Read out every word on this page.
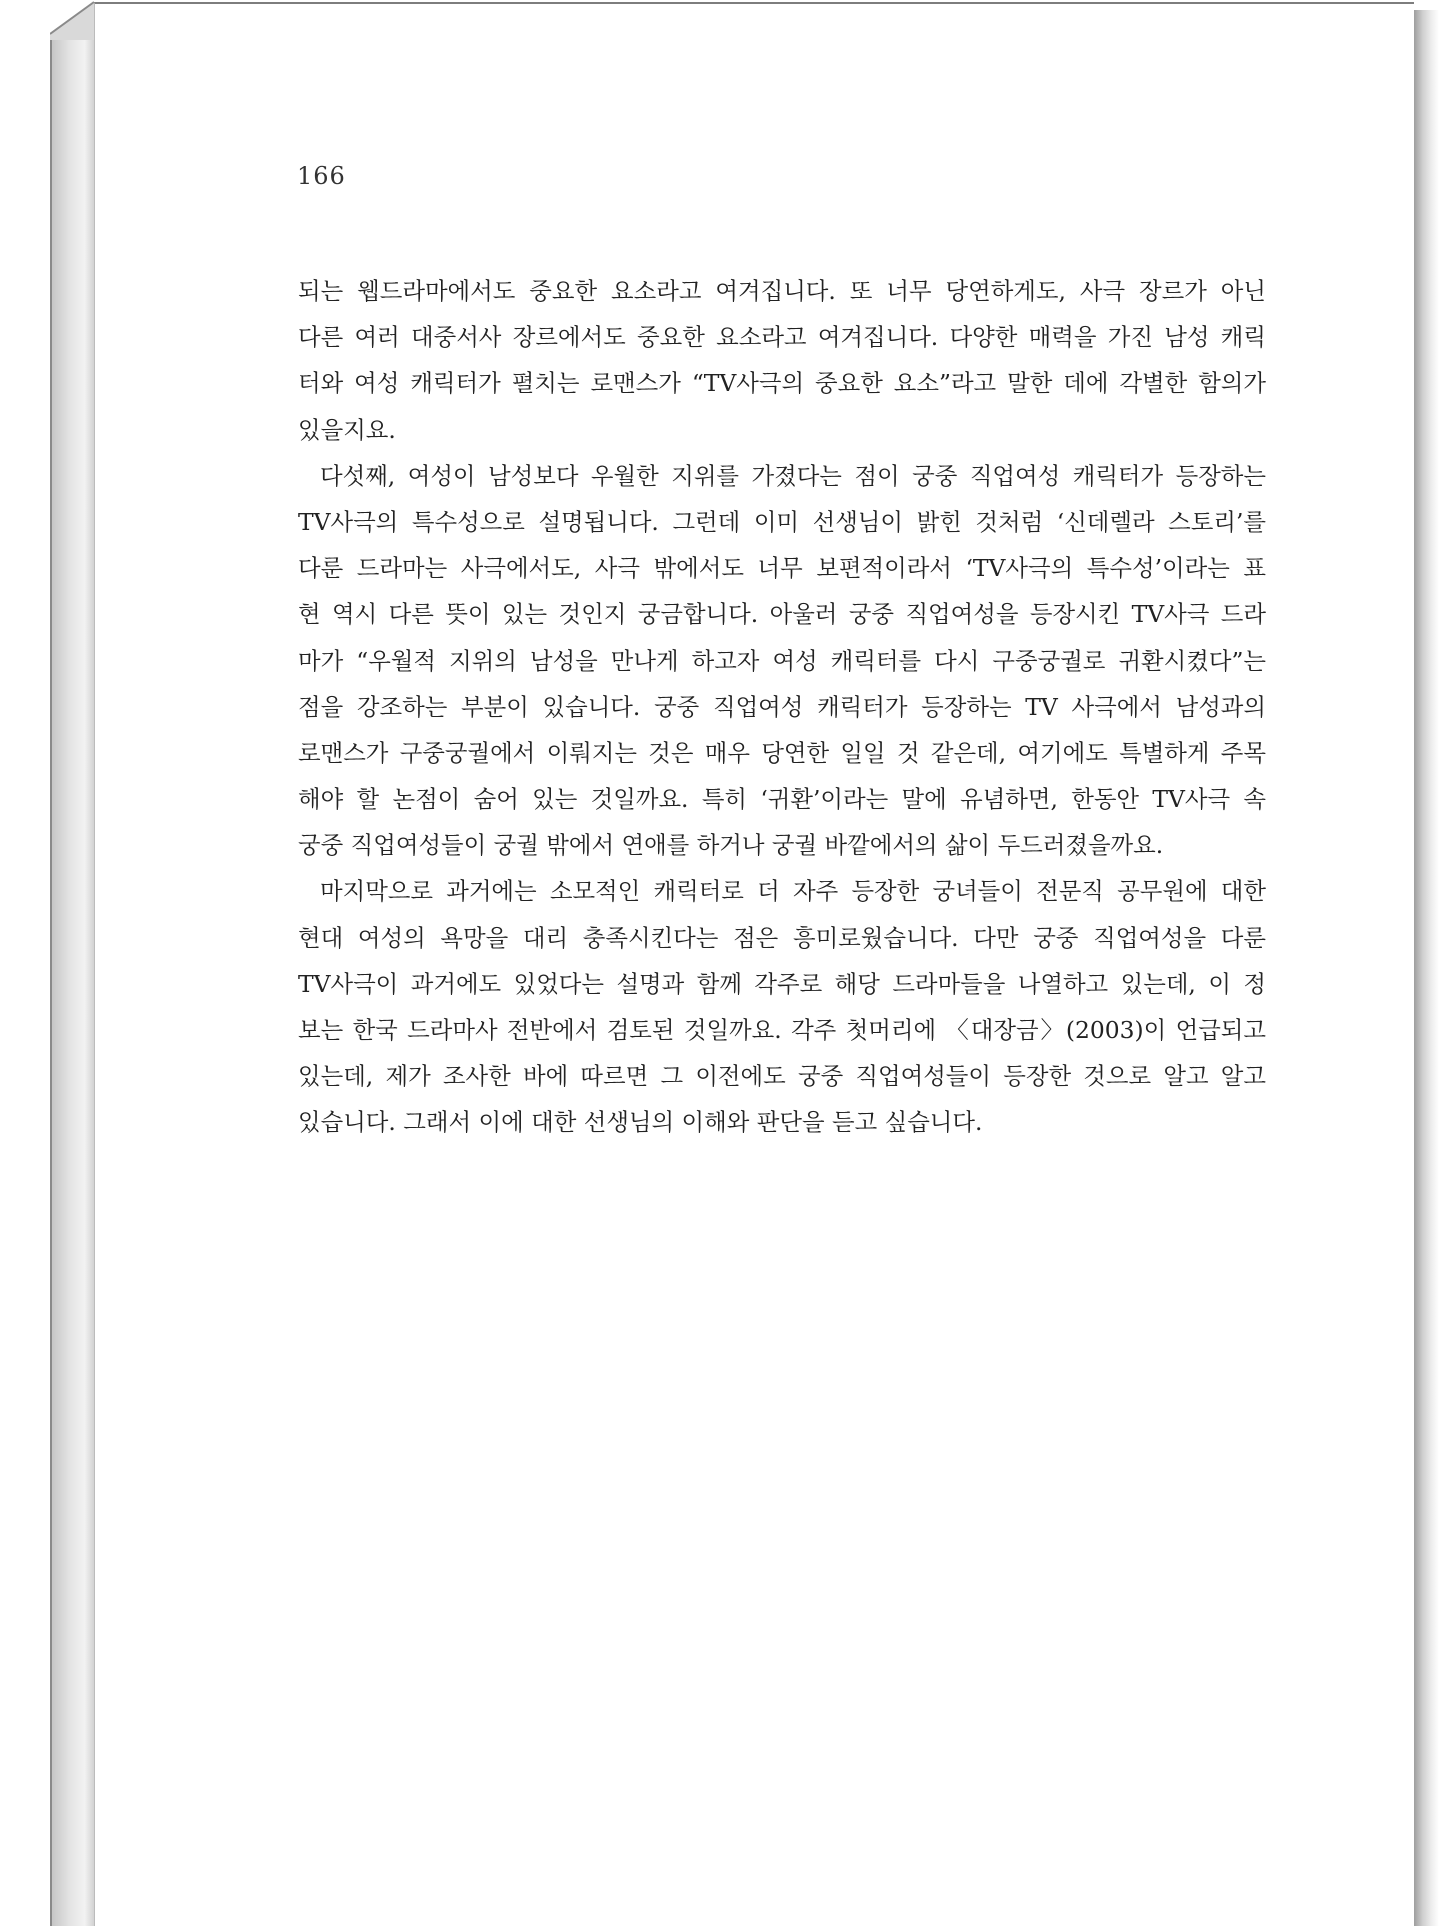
166
되는 웹드라마에서도 중요한 요소라고 여겨집니다. 또 너무 당연하게도, 사극 장르가 아닌
다른 여러 대중서사 장르에서도 중요한 요소라고 여겨집니다. 다양한 매력을 가진 남성 캐릭
터와 여성 캐릭터가 펼치는 로맨스가 “TV사극의 중요한 요소”라고 말한 데에 각별한 함의가
있을지요.
다섯째, 여성이 남성보다 우월한 지위를 가졌다는 점이 궁중 직업여성 캐릭터가 등장하는
TV사극의 특수성으로 설명됩니다. 그런데 이미 선생님이 밝힌 것처럼 ‘신데렐라 스토리’를
다룬 드라마는 사극에서도, 사극 밖에서도 너무 보편적이라서 ‘TV사극의 특수성’이라는 표
현 역시 다른 뜻이 있는 것인지 궁금합니다. 아울러 궁중 직업여성을 등장시킨 TV사극 드라
마가 “우월적 지위의 남성을 만나게 하고자 여성 캐릭터를 다시 구중궁궐로 귀환시켰다”는
점을 강조하는 부분이 있습니다. 궁중 직업여성 캐릭터가 등장하는 TV 사극에서 남성과의
로맨스가 구중궁궐에서 이뤄지는 것은 매우 당연한 일일 것 같은데, 여기에도 특별하게 주목
해야 할 논점이 숨어 있는 것일까요. 특히 ‘귀환’이라는 말에 유념하면, 한동안 TV사극 속
궁중 직업여성들이 궁궐 밖에서 연애를 하거나 궁궐 바깥에서의 삶이 두드러졌을까요.
마지막으로 과거에는 소모적인 캐릭터로 더 자주 등장한 궁녀들이 전문직 공무원에 대한
현대 여성의 욕망을 대리 충족시킨다는 점은 흥미로웠습니다. 다만 궁중 직업여성을 다룬
TV사극이 과거에도 있었다는 설명과 함께 각주로 해당 드라마들을 나열하고 있는데, 이 정
보는 한국 드라마사 전반에서 검토된 것일까요. 각주 첫머리에 〈대장금〉(2003)이 언급되고
있는데, 제가 조사한 바에 따르면 그 이전에도 궁중 직업여성들이 등장한 것으로 알고 알고
있습니다. 그래서 이에 대한 선생님의 이해와 판단을 듣고 싶습니다.
